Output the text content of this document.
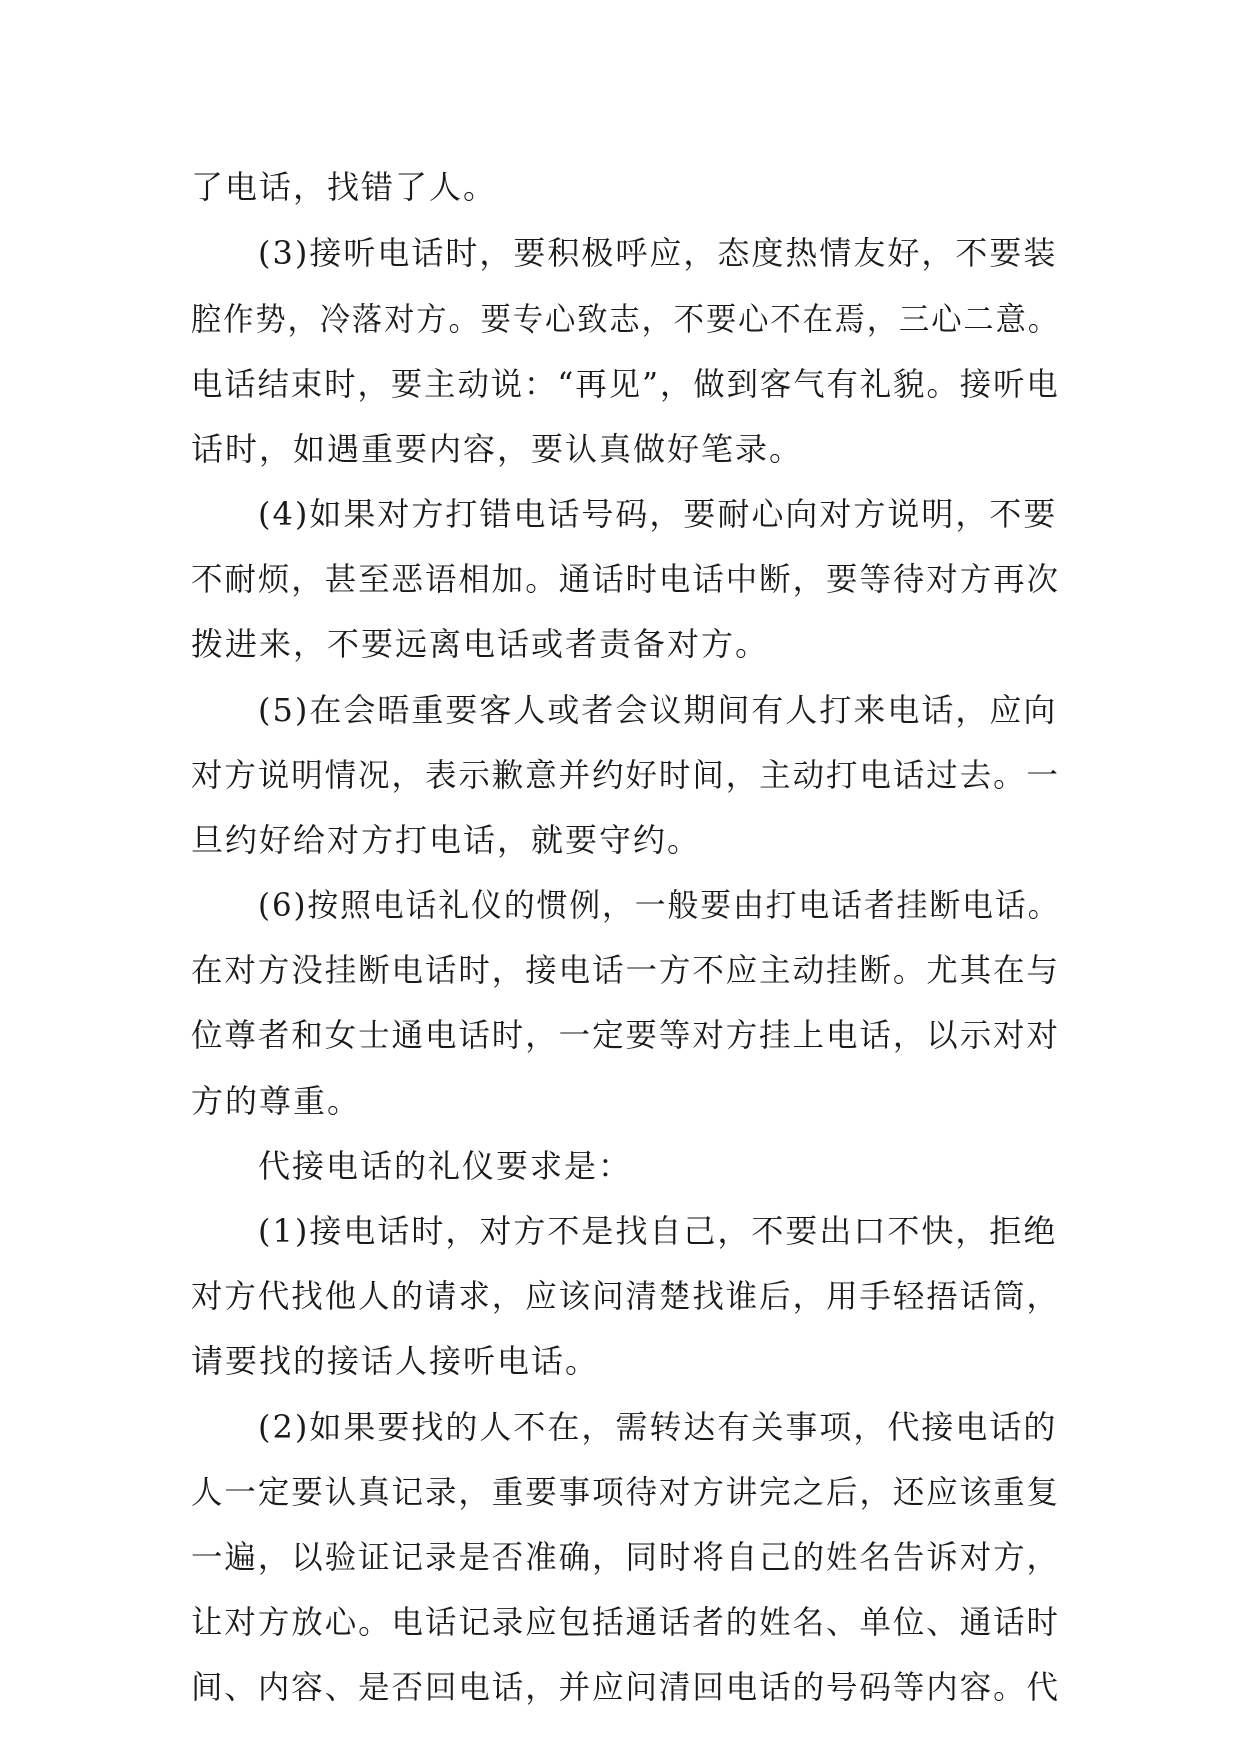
了电话，找错了人。
(3)接听电话时，要积极呼应，态度热情友好，不要装
腔作势，冷落对方。要专心致志，不要心不在焉，三心二意。
电话结束时，要主动说：“再见”，做到客气有礼貌。接听电
话时，如遇重要内容，要认真做好笔录。
(4)如果对方打错电话号码，要耐心向对方说明，不要
不耐烦，甚至恶语相加。通话时电话中断，要等待对方再次
拨进来，不要远离电话或者责备对方。
(5)在会晤重要客人或者会议期间有人打来电话，应向
对方说明情况，表示歉意并约好时间，主动打电话过去。一
旦约好给对方打电话，就要守约。
(6)按照电话礼仪的惯例，一般要由打电话者挂断电话。
在对方没挂断电话时，接电话一方不应主动挂断。尤其在与
位尊者和女士通电话时，一定要等对方挂上电话，以示对对
方的尊重。
代接电话的礼仪要求是：
(1)接电话时，对方不是找自己，不要出口不快，拒绝
对方代找他人的请求，应该问清楚找谁后，用手轻捂话筒，
请要找的接话人接听电话。
(2)如果要找的人不在，需转达有关事项，代接电话的
人一定要认真记录，重要事项待对方讲完之后，还应该重复
一遍，以验证记录是否准确，同时将自己的姓名告诉对方，
让对方放心。电话记录应包括通话者的姓名、单位、通话时
间、内容、是否回电话，并应问清回电话的号码等内容。代
